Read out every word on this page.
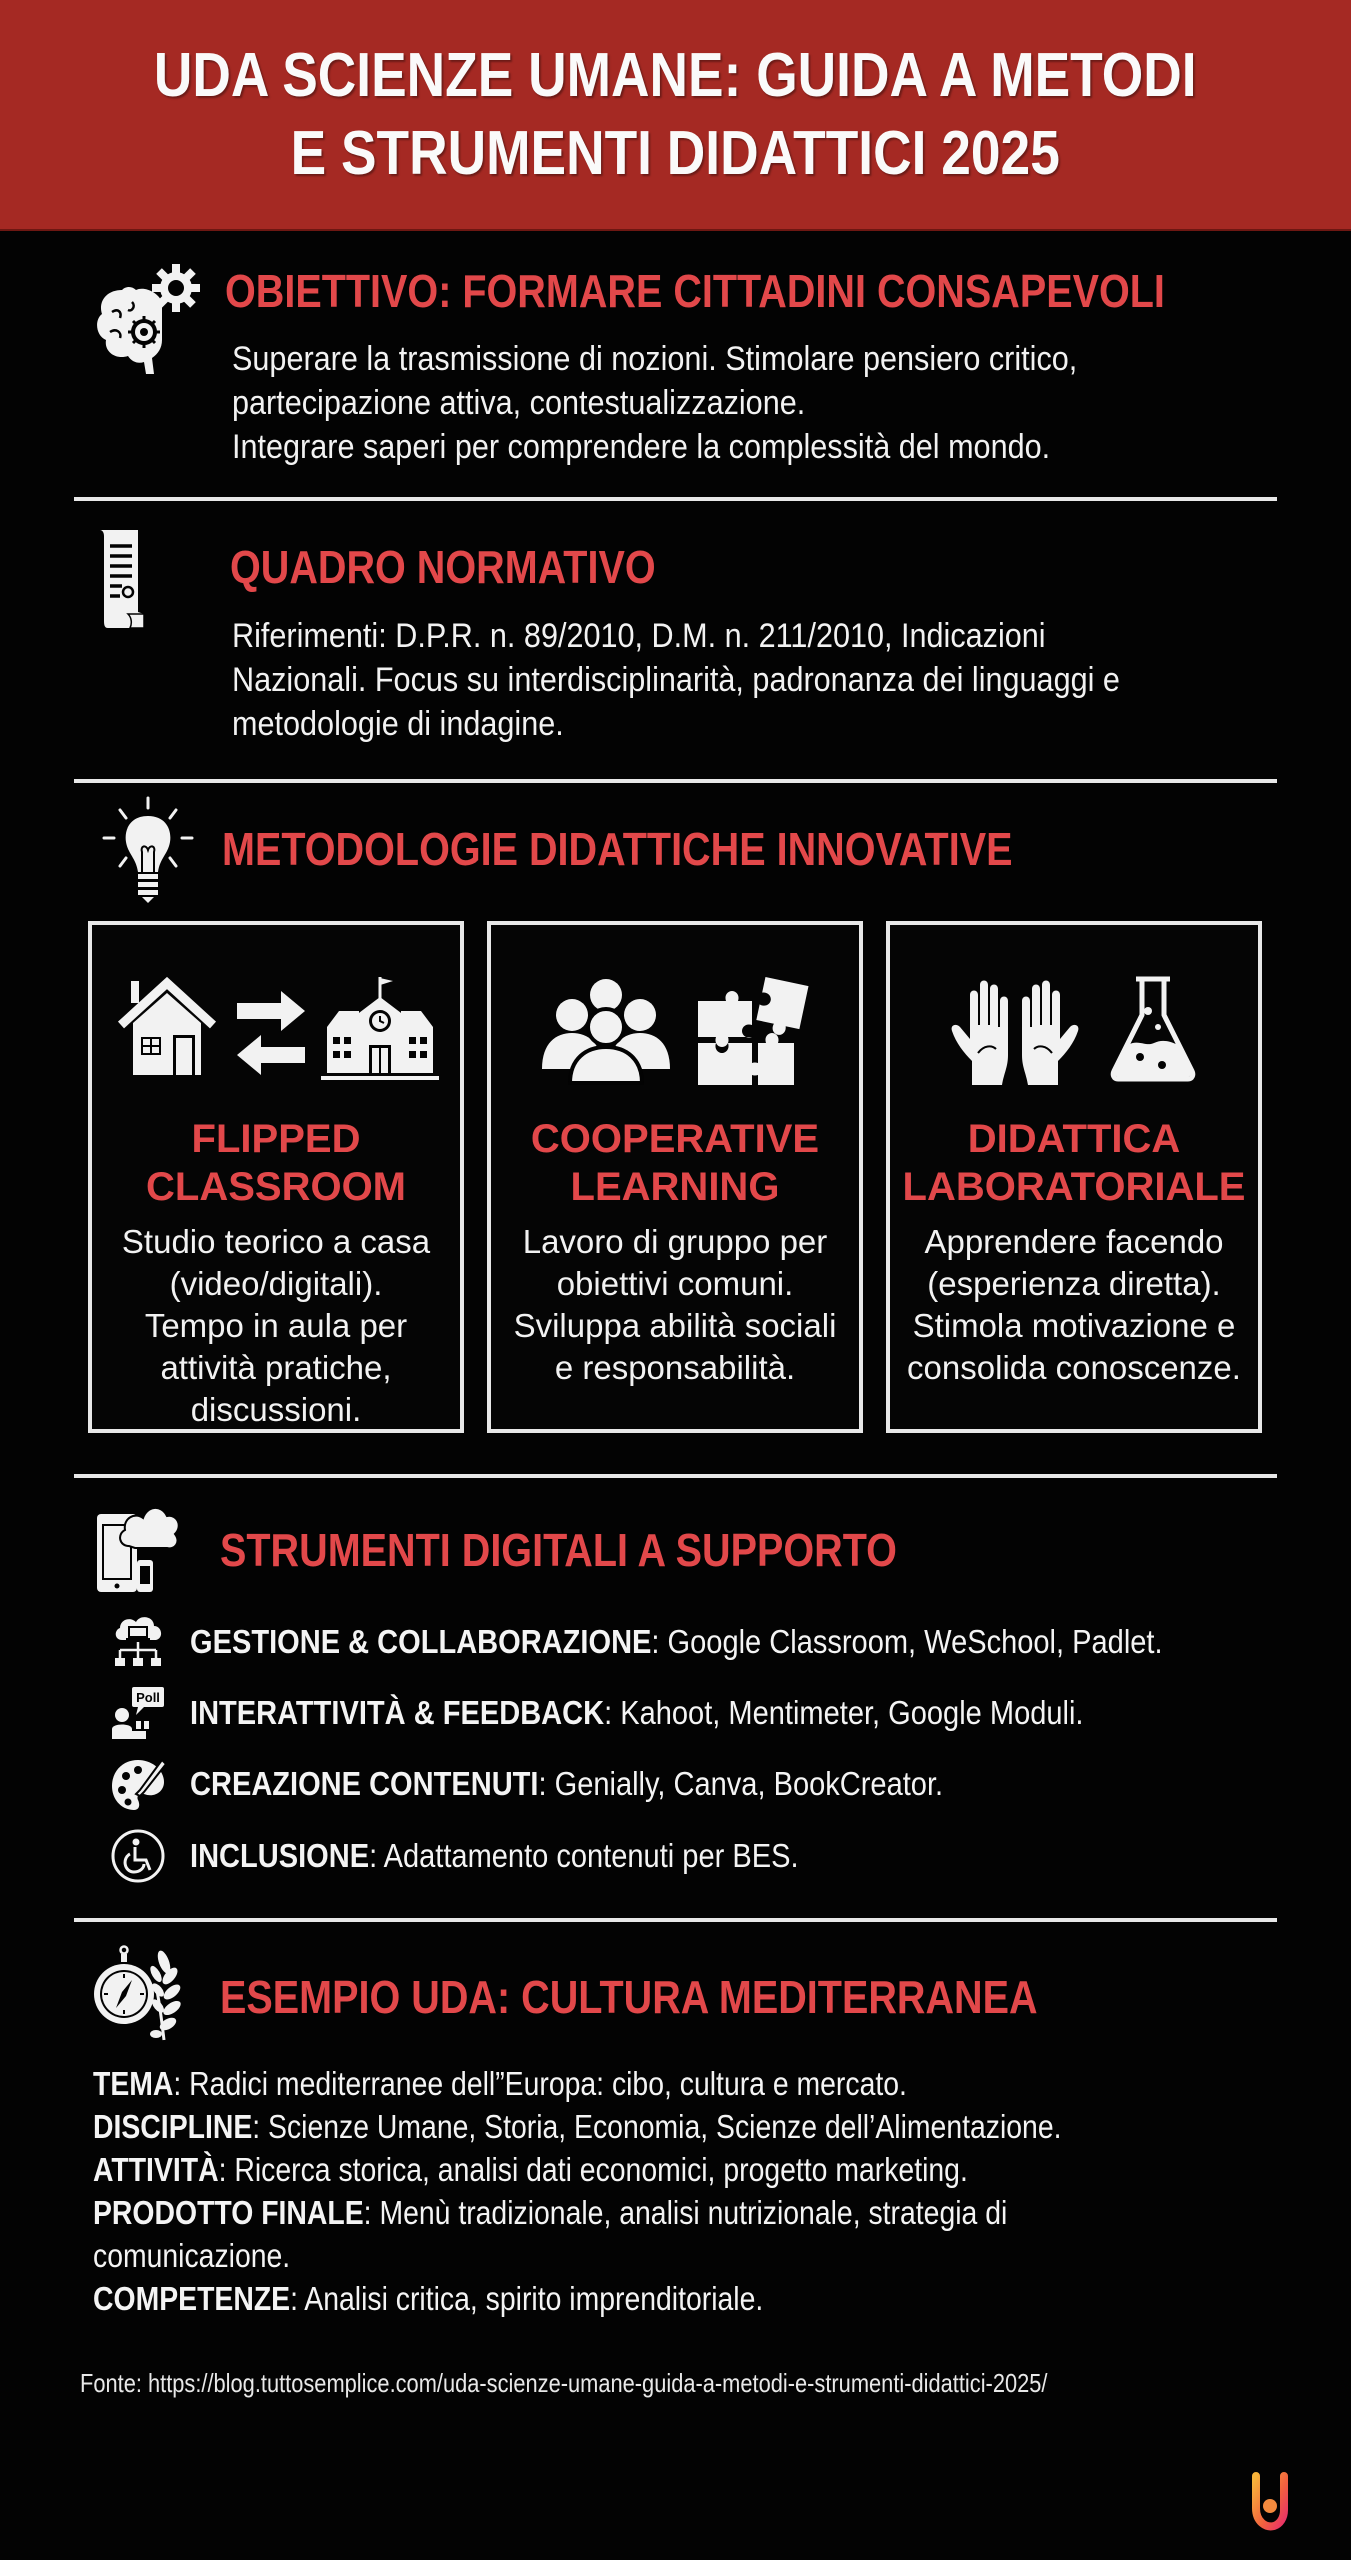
UDA SCIENZE UMANE: GUIDA A METODI
E STRUMENTI DIDATTICI 2025
OBIETTIVO: FORMARE CITTADINI CONSAPEVOLI
Superare la trasmissione di nozioni. Stimolare pensiero critico,
partecipazione attiva, contestualizzazione.
Integrare saperi per comprendere la complessità del mondo.
QUADRO NORMATIVO
Riferimenti: D.P.R. n. 89/2010, D.M. n. 211/2010, Indicazioni
Nazionali. Focus su interdisciplinarità, padronanza dei linguaggi e
metodologie di indagine.
METODOLOGIE DIDATTICHE INNOVATIVE
FLIPPED
CLASSROOM
Studio teorico a casa
(video/digitali).
Tempo in aula per
attività pratiche,
discussioni.
COOPERATIVE
LEARNING
Lavoro di gruppo per
obiettivi comuni.
Sviluppa abilità sociali
e responsabilità.
DIDATTICA
LABORATORIALE
Apprendere facendo
(esperienza diretta).
Stimola motivazione e
consolida conoscenze.
STRUMENTI DIGITALI A SUPPORTO
GESTIONE & COLLABORAZIONE: Google Classroom, WeSchool, Padlet.
Poll INTERATTIVITÀ & FEEDBACK: Kahoot, Mentimeter, Google Moduli.
CREAZIONE CONTENUTI: Genially, Canva, BookCreator.
INCLUSIONE: Adattamento contenuti per BES.
ESEMPIO UDA: CULTURA MEDITERRANEA
TEMA: Radici mediterranee dell”Europa: cibo, cultura e mercato.
DISCIPLINE: Scienze Umane, Storia, Economia, Scienze dell’Alimentazione.
ATTIVITÀ: Ricerca storica, analisi dati economici, progetto marketing.
PRODOTTO FINALE: Menù tradizionale, analisi nutrizionale, strategia di
comunicazione.
COMPETENZE: Analisi critica, spirito imprenditoriale.
Fonte: https://blog.tuttosemplice.com/uda-scienze-umane-guida-a-metodi-e-strumenti-didattici-2025/
